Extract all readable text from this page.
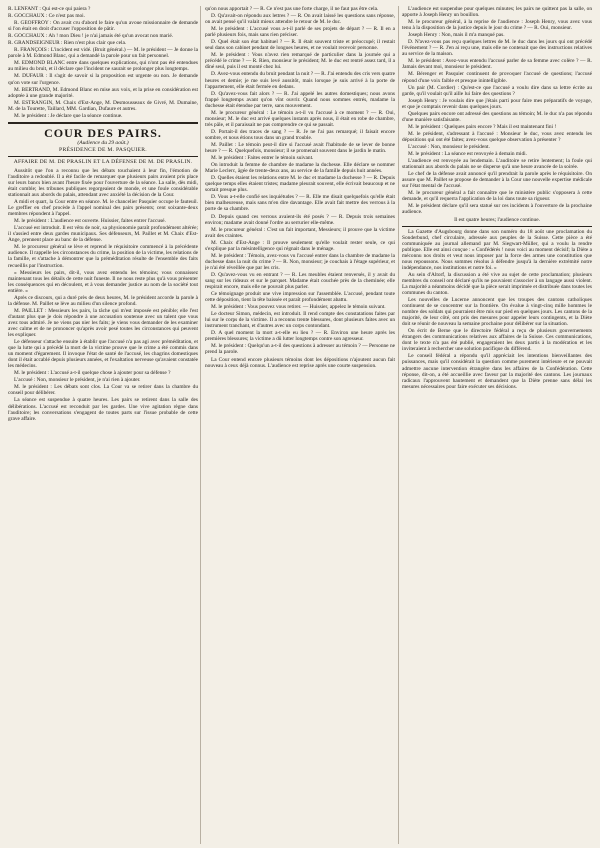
R. LENFANT : Qui est-ce qui paiera ?

R. GOCCHAUX : Ce n'est pas moi.

R. GEOFFROY : On avait cru d'abord le faire qu'un avoue missionnaire de demande si l'on était en droit d'accuser l'opposition de pâtir.

R. GOCCHAUX : Ah ! mon Dieu ! je n'ai jamais été qu'un avocat non marié.

R. GRANDSEIGNEUR : Rien n'est plus clair que cela.

R. FRANÇOIS : L'incident est vidé. (Bruit général.) — M. le président — Je donne la parole à M. Edmond Blanc, qui a demandé la parole pour un fait personnel.

M. EDMOND BLANC entre dans quelques explications, qui n'ont pas été entendues au milieu du bruit, et il déclare que l'incident ne saurait se prolonger plus longtemps.

M. DUFAUR : Il s'agit de savoir si la proposition est urgente ou non. Je demande qu'on vote sur l'urgence.

M. BERTRAND, M. Edmond Blanc en mise aux voix, et la prise en considération est adoptée à une grande majorité.

M. ESTRANGIN, M. Chaix d'Est-Ange, M. Desmousseaux de Givré, M. Dumaine, M. de la Tourette, Taillard, MM. Gardian, Dufaure et autres.

M. le président : Je déclare que la séance continue.

COUR DES PAIRS.
(Audience du 29 août.)
PRÉSIDENCE DE M. PASQUIER.
AFFAIRE DE M. DE PRASLIN ET LA DÉFENSE DE M. DE PRASLIN.

Aussitôt que l'on a reconnu que les débats touchaient à leur fin, l'émotion de l'auditoire a redoublé. Il a été facile de remarquer que plusieurs pairs avaient pris place sur leurs bancs bien avant l'heure fixée pour l'ouverture de la séance. La salle, dès midi, était comble; les tribunes publiques regorgeaient de monde, et une foule considérable stationnait aux abords du palais, attendant avec anxiété la décision de la Cour.

A midi et quart, la Cour entre en séance. M. le chancelier Pasquier occupe le fauteuil. Le greffier en chef procède à l'appel nominal des pairs présents; cent soixante-deux membres répondent à l'appel.

M. le président : L'audience est ouverte. Huissier, faites entrer l'accusé.

L'accusé est introduit. Il est vêtu de noir, sa physionomie paraît profondément altérée; il s'assied entre deux gardes municipaux. Ses défenseurs, M. Paillet et M. Chaix d'Est-Ange, prennent place au banc de la défense.

M. le procureur général se lève et reprend le réquisitoire commencé à la précédente audience. Il rappelle les circonstances du crime, la position de la victime, les relations de la famille, et s'attache à démontrer que la préméditation résulte de l'ensemble des faits recueillis par l'instruction.

« Messieurs les pairs, dit-il, vous avez entendu les témoins; vous connaissez maintenant tous les détails de cette nuit funeste. Il ne nous reste plus qu'à vous présenter les conséquences qui en découlent, et à vous demander justice au nom de la société tout entière. »

Après ce discours, qui a duré près de deux heures, M. le président accorde la parole à la défense. M. Paillet se lève au milieu d'un silence profond.

M. PAILLET : Messieurs les pairs, la tâche qui m'est imposée est pénible; elle l'est d'autant plus que je dois répondre à une accusation soutenue avec un talent que vous avez tous admiré. Je ne viens pas nier les faits; je viens vous demander de les examiner avec calme et de ne prononcer qu'après avoir pesé toutes les circonstances qui peuvent les expliquer.

Le défenseur s'attache ensuite à établir que l'accusé n'a pas agi avec préméditation, et que la lutte qui a précédé la mort de la victime prouve que le crime a été commis dans un moment d'égarement. Il invoque l'état de santé de l'accusé, les chagrins domestiques dont il était accablé depuis plusieurs années, et l'exaltation nerveuse qu'avaient constatée les médecins.

M. le président : L'accusé a-t-il quelque chose à ajouter pour sa défense ?

L'accusé : Non, monsieur le président, je n'ai rien à ajouter.

M. le président : Les débats sont clos. La Cour va se retirer dans la chambre du conseil pour délibérer.

La séance est suspendue à quatre heures. Les pairs se retirent dans la salle des délibérations. L'accusé est reconduit par les gardes. Une vive agitation règne dans l'auditoire; les conversations s'engagent de toutes parts sur l'issue probable de cette grave affaire.

qu'on nous apportait ? — R. Ce n'est pas une forte charge, il ne faut pas être cela.

D. Qu'avait-on répondu aux lettres ? — R. On avait laissé les questions sans réponse, on avait pensé qu'il valait mieux attendre le retour de M. le duc.

M. le président : L'accusé vous a-t-il parlé de ses projets de départ ? — R. Il en a parlé plusieurs fois, mais sans rien préciser.

D. Quel était son état habituel ? — R. Il était souvent triste et préoccupé; il restait seul dans son cabinet pendant de longues heures, et ne voulait recevoir personne.

M. le président : Vous n'avez rien remarqué de particulier dans la journée qui a précédé le crime ? — R. Rien, monsieur le président; M. le duc est rentré assez tard, il a dîné seul, puis il est monté chez lui.

D. Avez-vous entendu du bruit pendant la nuit ? — R. J'ai entendu des cris vers quatre heures et demie; je me suis levé aussitôt, mais lorsque je suis arrivé à la porte de l'appartement, elle était fermée en dedans.

D. Qu'avez-vous fait alors ? — R. J'ai appelé les autres domestiques; nous avons frappé longtemps avant qu'on vînt ouvrir. Quand nous sommes entrés, madame la duchesse était étendue par terre, sans mouvement.

M. le procureur général : Le témoin a-t-il vu l'accusé à ce moment ? — R. Oui, monsieur; M. le duc est arrivé quelques instants après nous, il était en robe de chambre, très pâle, et il paraissait ne pas comprendre ce qui se passait.

D. Portait-il des traces de sang ? — R. Je ne l'ai pas remarqué; il faisait encore sombre, et nous étions tous dans un grand trouble.

M. Paillet : Le témoin peut-il dire si l'accusé avait l'habitude de se lever de bonne heure ? — R. Quelquefois, monsieur; il se promenait souvent dans le jardin le matin.

M. le président : Faites entrer le témoin suivant.

On introduit la femme de chambre de madame la duchesse. Elle déclare se nommer Marie Leclerc, âgée de trente-deux ans, au service de la famille depuis huit années.

D. Quelles étaient les relations entre M. le duc et madame la duchesse ? — R. Depuis quelque temps elles étaient tristes; madame pleurait souvent, elle écrivait beaucoup et ne sortait presque plus.

D. Vous a-t-elle confié ses inquiétudes ? — R. Elle me disait quelquefois qu'elle était bien malheureuse, mais sans m'en dire davantage. Elle avait fait mettre des verrous à la porte de sa chambre.

D. Depuis quand ces verrous avaient-ils été posés ? — R. Depuis trois semaines environ; madame avait donné l'ordre au serrurier elle-même.

M. le procureur général : C'est un fait important, Messieurs; il prouve que la victime avait des craintes.

M. Chaix d'Est-Ange : Il prouve seulement qu'elle voulait rester seule, ce qui s'explique par la mésintelligence qui régnait dans le ménage.

M. le président : Témoin, avez-vous vu l'accusé entrer dans la chambre de madame la duchesse dans la nuit du crime ? — R. Non, monsieur; je couchais à l'étage supérieur, et je n'ai été réveillée que par les cris.

D. Qu'avez-vous vu en entrant ? — R. Les meubles étaient renversés, il y avait du sang sur les rideaux et sur le parquet. Madame était couchée près de la cheminée; elle respirait encore, mais elle ne pouvait plus parler.

Ce témoignage produit une vive impression sur l'assemblée. L'accusé, pendant toute cette déposition, tient la tête baissée et paraît profondément abattu.

M. le président : Vous pouvez vous retirer. — Huissier, appelez le témoin suivant.

Le docteur Simon, médecin, est introduit. Il rend compte des constatations faites par lui sur le corps de la victime. Il a reconnu trente blessures, dont plusieurs faites avec un instrument tranchant, et d'autres avec un corps contondant.

D. A quel moment la mort a-t-elle eu lieu ? — R. Environ une heure après les premières blessures; la victime a dû lutter longtemps contre son agresseur.

M. le président : Quelqu'un a-t-il des questions à adresser au témoin ? — Personne ne prend la parole.

La Cour entend encore plusieurs témoins dont les dépositions n'ajoutent aucun fait nouveau à ceux déjà connus. L'audience est reprise après une courte suspension.

L'audience est suspendue pour quelques minutes; les pairs ne quittent pas la salle, on apporte à Joseph Henry un bouillon.

M. le procureur général, à la reprise de l'audience : Joseph Henry, vous avez vous tenu à la disposition de la justice depuis le jour du crime ? — R. Oui, monsieur.

Joseph Henry : Non, mais il m'a manqué pas.

D. N'avez-vous pas reçu quelques lettres de M. le duc dans les jours qui ont précédé l'événement ? — R. J'en ai reçu une, mais elle ne contenait que des instructions relatives au service de la maison.

M. le président : Avez-vous entendu l'accusé parler de sa femme avec colère ? — R. Jamais devant moi, monsieur le président.

M. Bérenger et Pasquier continuent de provoquer l'accusé de questions; l'accusé répond d'une voix faible et presque inintelligible.

Un pair (M. Cordier) : Qu'est-ce que l'accusé a voulu dire dans sa lettre écrite au garde, qu'il voulait qu'il aille lui faire des questions ?

Joseph Henry : Je voulais dire que j'étais parti pour faire mes préparatifs de voyage, et que je comptais revenir dans quelques jours.

Quelques pairs encore ont adressé des questions au témoin; M. le duc n'a pas répondu d'une manière satisfaisante.

M. le président : Quelques pairs encore ? Mais il est maintenant fini !

M. le président, s'adressant à l'accusé : Monsieur le duc, vous avez entendu les dépositions qui ont été faites; avez-vous quelque observation à présenter ?

L'accusé : Non, monsieur le président.

M. le président : La séance est renvoyée à demain midi.

L'audience est renvoyée au lendemain. L'auditoire se retire lentement; la foule qui stationnait aux abords du palais ne se disperse qu'à une heure avancée de la soirée.

Le chef de la défense avait annoncé qu'il prendrait la parole après le réquisitoire. On assure que M. Paillet se propose de demander à la Cour une nouvelle expertise médicale sur l'état mental de l'accusé.

M. le procureur général a fait connaître que le ministère public s'opposera à cette demande, et qu'il requerra l'application de la loi dans toute sa rigueur.

M. le président déclare qu'il sera statué sur ces incidents à l'ouverture de la prochaine audience.

Il est quatre heures; l'audience continue.

La Gazette d'Augsbourg donne dans son numéro du 18 août une proclamation du Sonderbund, chef circulaire, adressée aux peuples de la Suisse. Cette pièce a été communiquée au journal allemand par M. Siegwart-Müller, qui a voulu la rendre publique. Elle est ainsi conçue : « Confédérés ! nous voici au moment décisif; la Diète a méconnu nos droits et veut nous imposer par la force des armes une constitution que nous repoussons. Nous sommes résolus à défendre jusqu'à la dernière extrémité notre indépendance, nos institutions et notre foi. »

Au sein d'Altorf, la discussion a été vive au sujet de cette proclamation; plusieurs membres du conseil ont déclaré qu'ils ne pouvaient s'associer à un langage aussi violent. La majorité a néanmoins décidé que la pièce serait imprimée et distribuée dans toutes les communes du canton.

Les nouvelles de Lucerne annoncent que les troupes des cantons catholiques continuent de se concentrer sur la frontière. On évalue à vingt-cinq mille hommes le nombre des soldats qui pourraient être mis sur pied en quelques jours. Les cantons de la majorité, de leur côté, ont pris des mesures pour appeler leurs contingents, et la Diète doit se réunir de nouveau la semaine prochaine pour délibérer sur la situation.

On écrit de Berne que le directoire fédéral a reçu de plusieurs gouvernements étrangers des communications relatives aux affaires de la Suisse. Ces communications, dont le texte n'a pas été publié, engageraient les deux partis à la modération et les inviteraient à rechercher une solution pacifique du différend.

Le conseil fédéral a répondu qu'il appréciait les intentions bienveillantes des puissances, mais qu'il considérait la question comme purement intérieure et ne pouvait admettre aucune intervention étrangère dans les affaires de la Confédération. Cette réponse, dit-on, a été accueillie avec faveur par la majorité des cantons. Les journaux radicaux l'approuvent hautement et demandent que la Diète prenne sans délai les mesures nécessaires pour faire exécuter ses décisions.
